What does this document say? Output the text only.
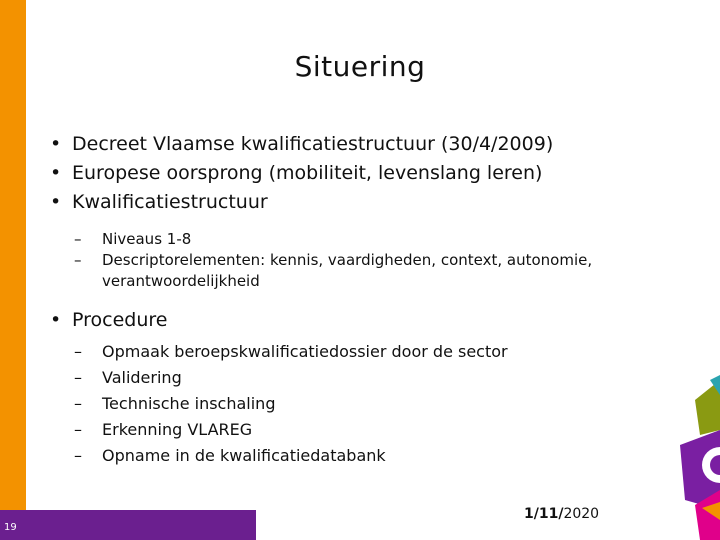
Situering
• Decreet Vlaamse kwalificatiestructuur (30/4/2009)
• Europese oorsprong (mobiliteit, levenslang leren)
• Kwalificatiestructuur
– Niveaus 1-8
– Descriptorelementen: kennis, vaardigheden, context, autonomie, verantwoordelijkheid
• Procedure
– Opmaak beroepskwalificatiedossier door de sector
– Validering
– Technische inschaling
– Erkenning VLAREG
– Opname in de kwalificatiedatabank
19
1/11/2020
